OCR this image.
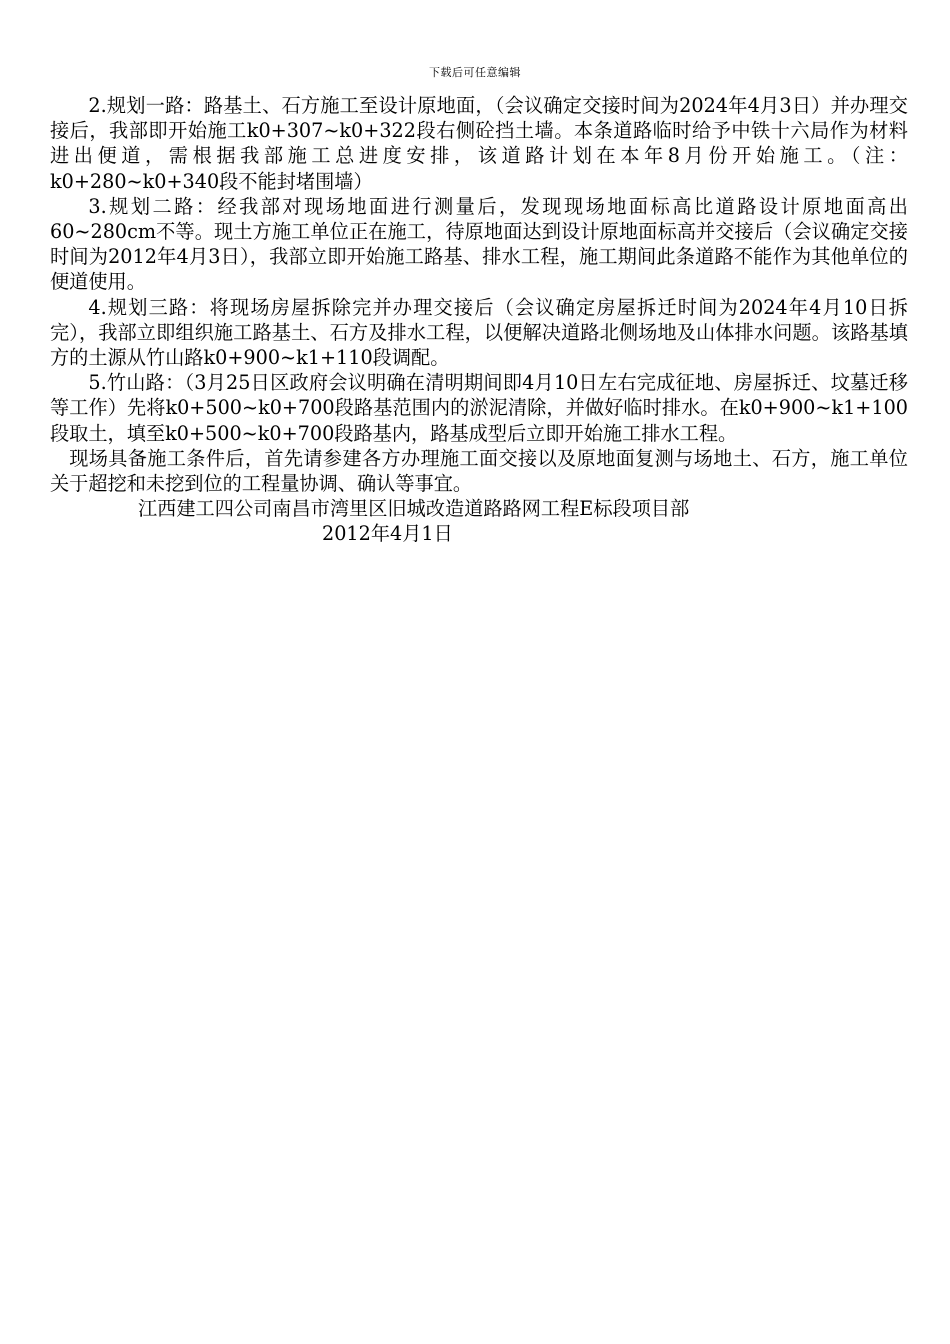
下载后可任意编辑

2.规划一路：路基土、石方施工至设计原地面，（会议确定交接时间为2024年4月3日）并办理交接后，我部即开始施工k0+307~k0+322段右侧砼挡土墙。本条道路临时给予中铁十六局作为材料进出便道，需根据我部施工总进度安排，该道路计划在本年8月份开始施工。（注：k0+280~k0+340段不能封堵围墙）

3.规划二路：经我部对现场地面进行测量后，发现现场地面标高比道路设计原地面高出60~280cm不等。现土方施工单位正在施工，待原地面达到设计原地面标高并交接后（会议确定交接时间为2012年4月3日），我部立即开始施工路基、排水工程，施工期间此条道路不能作为其他单位的便道使用。

4.规划三路：将现场房屋拆除完并办理交接后（会议确定房屋拆迁时间为2024年4月10日拆完），我部立即组织施工路基土、石方及排水工程，以便解决道路北侧场地及山体排水问题。该路基填方的土源从竹山路k0+900~k1+110段调配。

5.竹山路：（3月25日区政府会议明确在清明期间即4月10日左右完成征地、房屋拆迁、坟墓迁移等工作）先将k0+500~k0+700段路基范围内的淤泥清除，并做好临时排水。在k0+900~k1+100段取土，填至k0+500~k0+700段路基内，路基成型后立即开始施工排水工程。

现场具备施工条件后，首先请参建各方办理施工面交接以及原地面复测与场地土、石方，施工单位关于超挖和未挖到位的工程量协调、确认等事宜。

江西建工四公司南昌市湾里区旧城改造道路路网工程E标段项目部

2012年4月1日
